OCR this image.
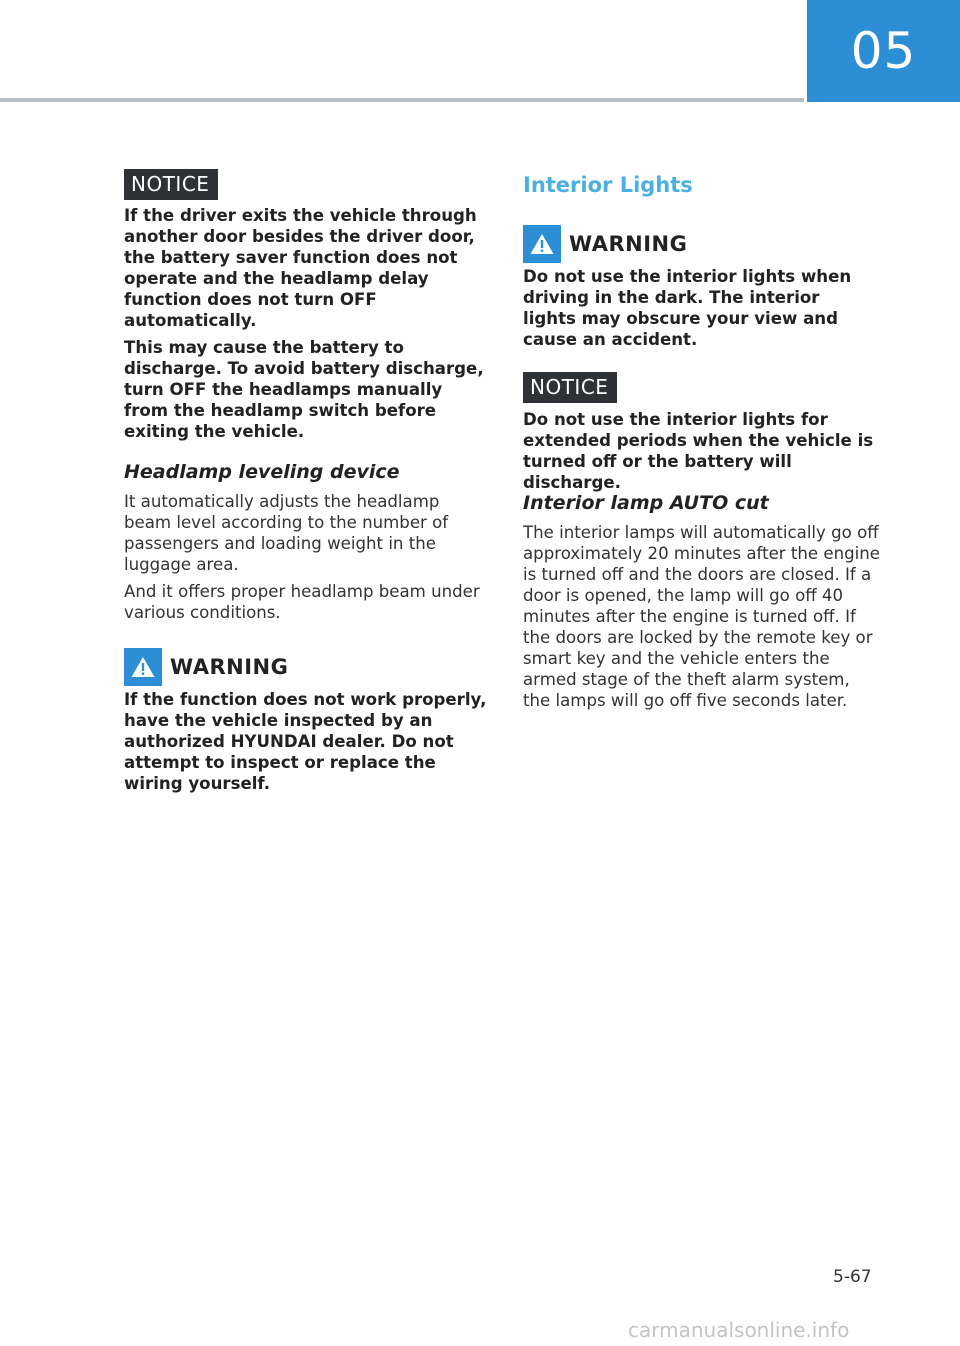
05
NOTICE

If the driver exits the vehicle through another door besides the driver door, the battery saver function does not operate and the headlamp delay function does not turn OFF automatically.

This may cause the battery to discharge. To avoid battery discharge, turn OFF the headlamps manually from the headlamp switch before exiting the vehicle.

Headlamp leveling device

It automatically adjusts the headlamp beam level according to the number of passengers and loading weight in the luggage area.

And it offers proper headlamp beam under various conditions.

WARNING
If the function does not work properly, have the vehicle inspected by an authorized HYUNDAI dealer. Do not attempt to inspect or replace the wiring yourself.
Interior Lights
WARNING
Do not use the interior lights when driving in the dark. The interior lights may obscure your view and cause an accident.
NOTICE
Do not use the interior lights for extended periods when the vehicle is turned off or the battery will discharge.
Interior lamp AUTO cut
The interior lamps will automatically go off approximately 20 minutes after the engine is turned off and the doors are closed. If a door is opened, the lamp will go off 40 minutes after the engine is turned off. If the doors are locked by the remote key or smart key and the vehicle enters the armed stage of the theft alarm system, the lamps will go off five seconds later.
5-67
carmanualsonline.info
